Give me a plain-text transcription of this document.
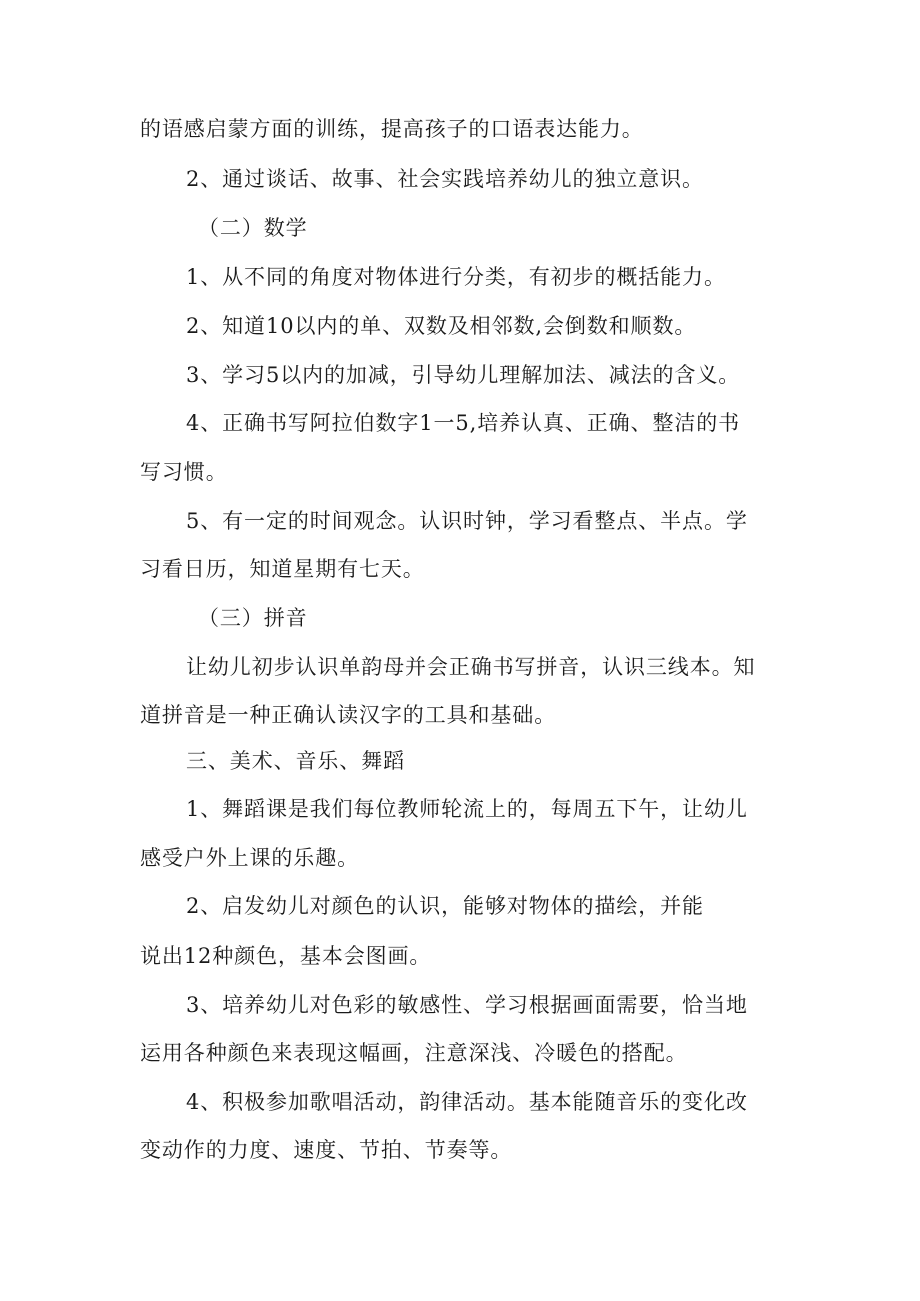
的语感启蒙方面的训练，提高孩子的口语表达能力。
2、通过谈话、故事、社会实践培养幼儿的独立意识。
（二）数学
1、从不同的角度对物体进行分类，有初步的概括能力。
2、知道10以内的单、双数及相邻数,会倒数和顺数。
3、学习5以内的加减，引导幼儿理解加法、减法的含义。
4、正确书写阿拉伯数字1一5,培养认真、正确、整洁的书
写习惯。
5、有一定的时间观念。认识时钟，学习看整点、半点。学
习看日历，知道星期有七天。
（三）拼音
让幼儿初步认识单韵母并会正确书写拼音，认识三线本。知
道拼音是一种正确认读汉字的工具和基础。
三、美术、音乐、舞蹈
1、舞蹈课是我们每位教师轮流上的，每周五下午，让幼儿
感受户外上课的乐趣。
2、启发幼儿对颜色的认识，能够对物体的描绘，并能
说出12种颜色，基本会图画。
3、培养幼儿对色彩的敏感性、学习根据画面需要，恰当地
运用各种颜色来表现这幅画，注意深浅、冷暖色的搭配。
4、积极参加歌唱活动，韵律活动。基本能随音乐的变化改
变动作的力度、速度、节拍、节奏等。
